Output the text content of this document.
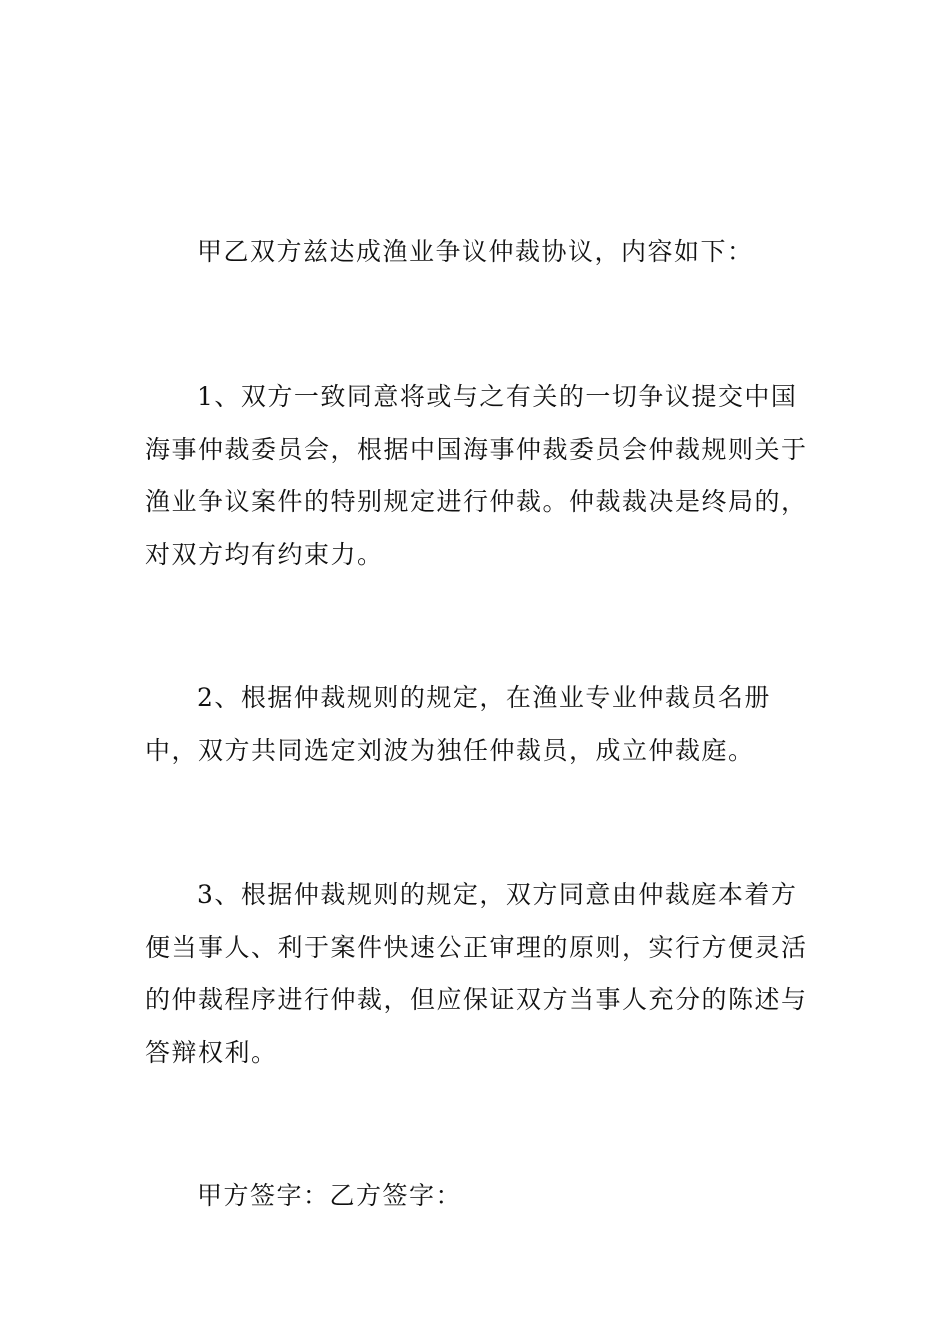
甲乙双方兹达成渔业争议仲裁协议，内容如下：

1、双方一致同意将或与之有关的一切争议提交中国海事仲裁委员会，根据中国海事仲裁委员会仲裁规则关于渔业争议案件的特别规定进行仲裁。仲裁裁决是终局的，对双方均有约束力。

2、根据仲裁规则的规定，在渔业专业仲裁员名册中，双方共同选定刘波为独任仲裁员，成立仲裁庭。

3、根据仲裁规则的规定，双方同意由仲裁庭本着方便当事人、利于案件快速公正审理的原则，实行方便灵活的仲裁程序进行仲裁，但应保证双方当事人充分的陈述与答辩权利。

甲方签字：乙方签字：
